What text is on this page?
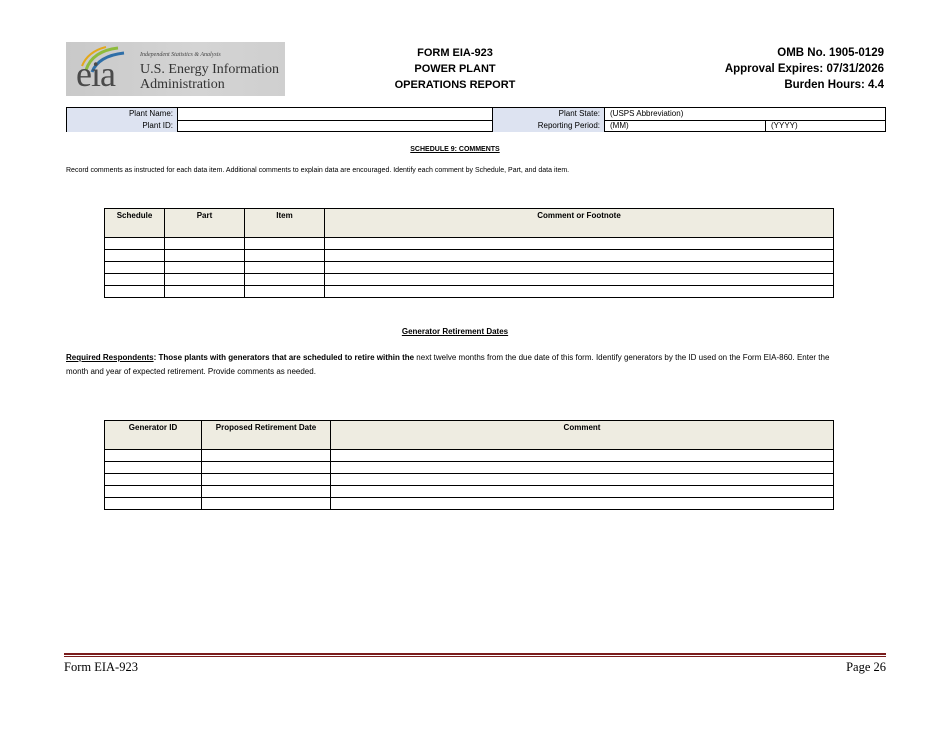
eia	Independent Statistics & Analysis
U.S. Energy Information
Administration
FORM EIA-923
POWER PLANT
OPERATIONS REPORT
OMB No. 1905-0129
Approval Expires: 07/31/2026
Burden Hours: 4.4
Plant Name:	Plant State:	(USPS Abbreviation)
Plant ID:	Reporting Period:	(MM)	(YYYY)
SCHEDULE 9: COMMENTS
Record comments as instructed for each data item. Additional comments to explain data are encouraged. Identify each comment by Schedule, Part, and data item.
Schedule	Part	Item	Comment or Footnote

Generator Retirement Dates
Required Respondents: Those plants with generators that are scheduled to retire within the next twelve months from the due date of this form. Identify generators by the ID used on the Form EIA-860. Enter the month and year of expected retirement. Provide comments as needed.
Generator ID	Proposed Retirement Date	Comment

Form EIA-923	Page 26
